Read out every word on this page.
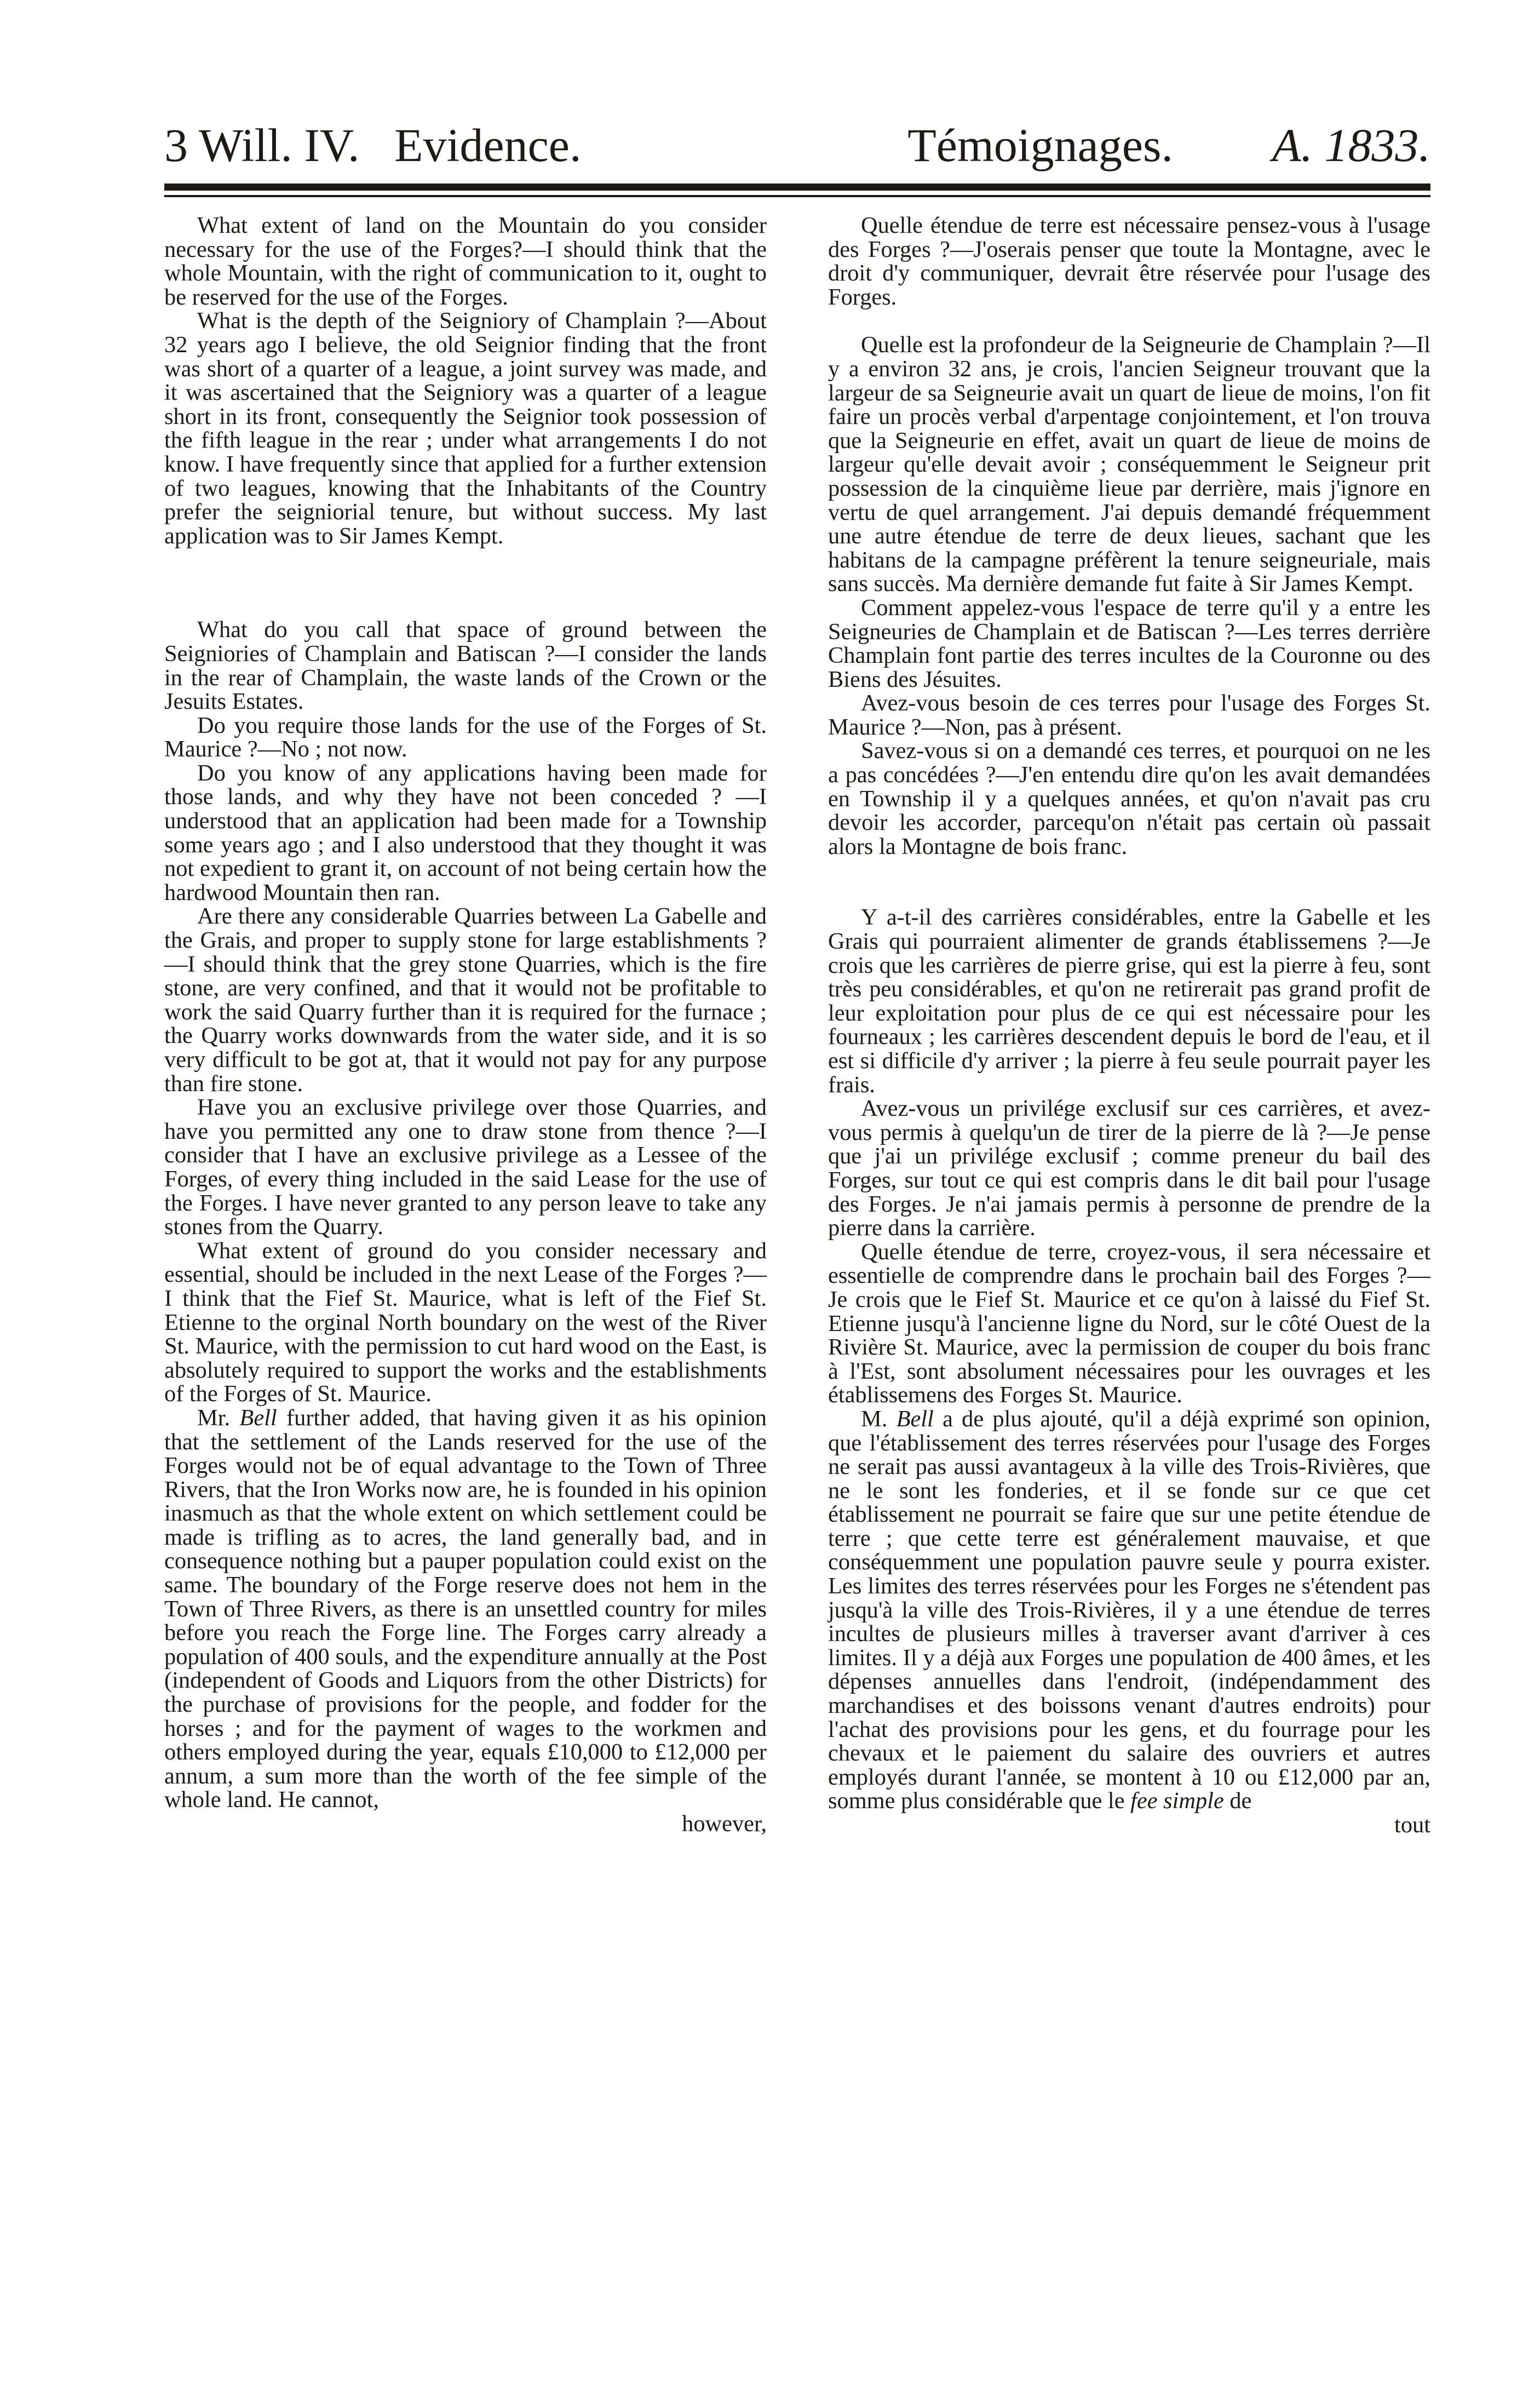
3 Will. IV. Evidence.	Témoignages. A. 1833.

What extent of land on the Mountain do you consider necessary for the use of the Forges?—I should think that the whole Mountain, with the right of communication to it, ought to be reserved for the use of the Forges.

What is the depth of the Seigniory of Champlain ?—About 32 years ago I believe, the old Seignior finding that the front was short of a quarter of a league, a joint survey was made, and it was ascertained that the Seigniory was a quarter of a league short in its front, consequently the Seignior took possession of the fifth league in the rear ; under what arrangements I do not know. I have frequently since that applied for a further extension of two leagues, knowing that the Inhabitants of the Country prefer the seigniorial tenure, but without success. My last application was to Sir James Kempt.

What do you call that space of ground between the Seigniories of Champlain and Batiscan ?—I consider the lands in the rear of Champlain, the waste lands of the Crown or the Jesuits Estates.

Do you require those lands for the use of the Forges of St. Maurice ?—No ; not now.

Do you know of any applications having been made for those lands, and why they have not been conceded ? —I understood that an application had been made for a Township some years ago ; and I also understood that they thought it was not expedient to grant it, on account of not being certain how the hardwood Mountain then ran.

Are there any considerable Quarries between La Gabelle and the Grais, and proper to supply stone for large establishments ?—I should think that the grey stone Quarries, which is the fire stone, are very confined, and that it would not be profitable to work the said Quarry further than it is required for the furnace ; the Quarry works downwards from the water side, and it is so very difficult to be got at, that it would not pay for any purpose than fire stone.

Have you an exclusive privilege over those Quarries, and have you permitted any one to draw stone from thence ?—I consider that I have an exclusive privilege as a Lessee of the Forges, of every thing included in the said Lease for the use of the Forges. I have never granted to any person leave to take any stones from the Quarry.

What extent of ground do you consider necessary and essential, should be included in the next Lease of the Forges ?—I think that the Fief St. Maurice, what is left of the Fief St. Etienne to the orginal North boundary on the west of the River St. Maurice, with the permission to cut hard wood on the East, is absolutely required to support the works and the establishments of the Forges of St. Maurice.

Mr. Bell further added, that having given it as his opinion that the settlement of the Lands reserved for the use of the Forges would not be of equal advantage to the Town of Three Rivers, that the Iron Works now are, he is founded in his opinion inasmuch as that the whole extent on which settlement could be made is trifling as to acres, the land generally bad, and in consequence nothing but a pauper population could exist on the same. The boundary of the Forge reserve does not hem in the Town of Three Rivers, as there is an unsettled country for miles before you reach the Forge line. The Forges carry already a population of 400 souls, and the expenditure annually at the Post (independent of Goods and Liquors from the other Districts) for the purchase of provisions for the people, and fodder for the horses ; and for the payment of wages to the workmen and others employed during the year, equals £10,000 to £12,000 per annum, a sum more than the worth of the fee simple of the whole land. He cannot,

however,

Quelle étendue de terre est nécessaire pensez-vous à l'usage des Forges ?—J'oserais penser que toute la Montagne, avec le droit d'y communiquer, devrait être réservée pour l'usage des Forges.

Quelle est la profondeur de la Seigneurie de Champlain ?—Il y a environ 32 ans, je crois, l'ancien Seigneur trouvant que la largeur de sa Seigneurie avait un quart de lieue de moins, l'on fit faire un procès verbal d'arpentage conjointement, et l'on trouva que la Seigneurie en effet, avait un quart de lieue de moins de largeur qu'elle devait avoir ; conséquemment le Seigneur prit possession de la cinquième lieue par derrière, mais j'ignore en vertu de quel arrangement. J'ai depuis demandé fréquemment une autre étendue de terre de deux lieues, sachant que les habitans de la campagne préfèrent la tenure seigneuriale, mais sans succès. Ma dernière demande fut faite à Sir James Kempt.

Comment appelez-vous l'espace de terre qu'il y a entre les Seigneuries de Champlain et de Batiscan ?—Les terres derrière Champlain font partie des terres incultes de la Couronne ou des Biens des Jésuites.

Avez-vous besoin de ces terres pour l'usage des Forges St. Maurice ?—Non, pas à présent.

Savez-vous si on a demandé ces terres, et pourquoi on ne les a pas concédées ?—J'en entendu dire qu'on les avait demandées en Township il y a quelques années, et qu'on n'avait pas cru devoir les accorder, parcequ'on n'était pas certain où passait alors la Montagne de bois franc.

Y a-t-il des carrières considérables, entre la Gabelle et les Grais qui pourraient alimenter de grands établissemens ?—Je crois que les carrières de pierre grise, qui est la pierre à feu, sont très peu considérables, et qu'on ne retirerait pas grand profit de leur exploitation pour plus de ce qui est nécessaire pour les fourneaux ; les carrières descendent depuis le bord de l'eau, et il est si difficile d'y arriver ; la pierre à feu seule pourrait payer les frais.

Avez-vous un privilége exclusif sur ces carrières, et avez-vous permis à quelqu'un de tirer de la pierre de là ?—Je pense que j'ai un privilége exclusif ; comme preneur du bail des Forges, sur tout ce qui est compris dans le dit bail pour l'usage des Forges. Je n'ai jamais permis à personne de prendre de la pierre dans la carrière.

Quelle étendue de terre, croyez-vous, il sera nécessaire et essentielle de comprendre dans le prochain bail des Forges ?—Je crois que le Fief St. Maurice et ce qu'on à laissé du Fief St. Etienne jusqu'à l'ancienne ligne du Nord, sur le côté Ouest de la Rivière St. Maurice, avec la permission de couper du bois franc à l'Est, sont absolument nécessaires pour les ouvrages et les établissemens des Forges St. Maurice.

M. Bell a de plus ajouté, qu'il a déjà exprimé son opinion, que l'établissement des terres réservées pour l'usage des Forges ne serait pas aussi avantageux à la ville des Trois-Rivières, que ne le sont les fonderies, et il se fonde sur ce que cet établissement ne pourrait se faire que sur une petite étendue de terre ; que cette terre est généralement mauvaise, et que conséquemment une population pauvre seule y pourra exister. Les limites des terres réservées pour les Forges ne s'étendent pas jusqu'à la ville des Trois-Rivières, il y a une étendue de terres incultes de plusieurs milles à traverser avant d'arriver à ces limites. Il y a déjà aux Forges une population de 400 âmes, et les dépenses annuelles dans l'endroit, (indépendamment des marchandises et des boissons venant d'autres endroits) pour l'achat des provisions pour les gens, et du fourrage pour les chevaux et le paiement du salaire des ouvriers et autres employés durant l'année, se montent à 10 ou £12,000 par an, somme plus considérable que le fee simple de

tout
